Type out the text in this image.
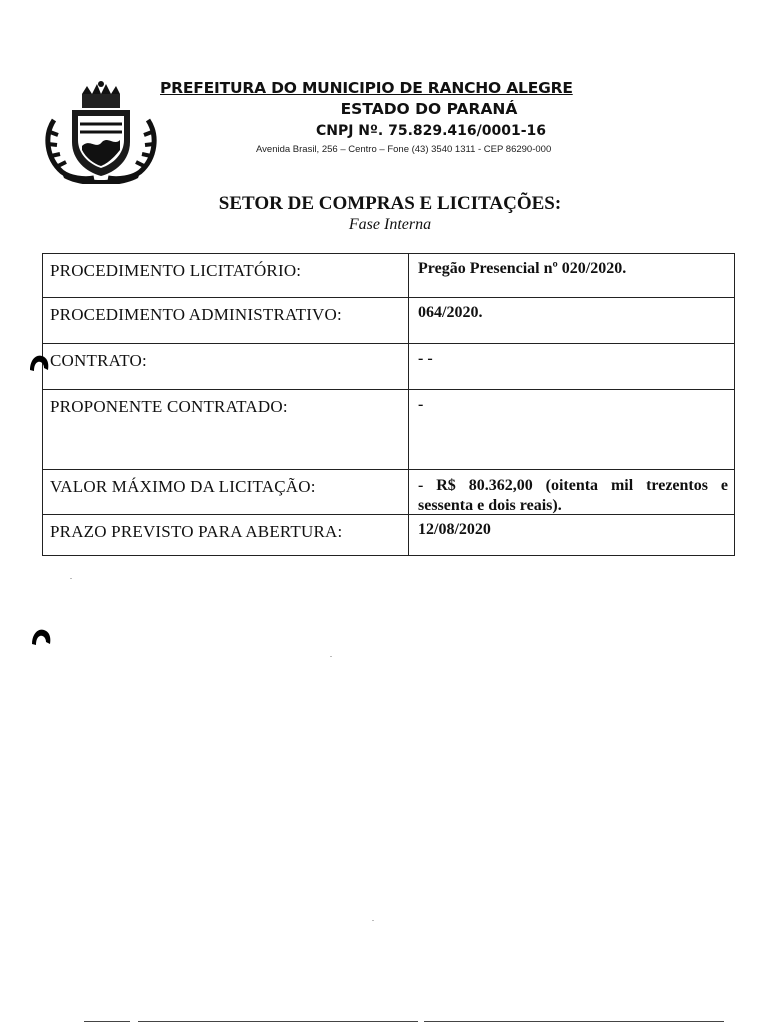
PREFEITURA DO MUNICIPIO DE RANCHO ALEGRE
ESTADO DO PARANÁ
CNPJ Nº. 75.829.416/0001-16
Avenida Brasil, 256 – Centro – Fone (43) 3540 1311 - CEP 86290-000
SETOR DE COMPRAS E LICITAÇÕES:
Fase Interna
PROCEDIMENTO LICITATÓRIO:	Pregão Presencial nº 020/2020.
PROCEDIMENTO ADMINISTRATIVO:	064/2020.
CONTRATO:	- -
PROPONENTE CONTRATADO:	-
VALOR MÁXIMO DA LICITAÇÃO:	- R$ 80.362,00 (oitenta mil trezentos e sessenta e dois reais).
PRAZO PREVISTO PARA ABERTURA:	12/08/2020
